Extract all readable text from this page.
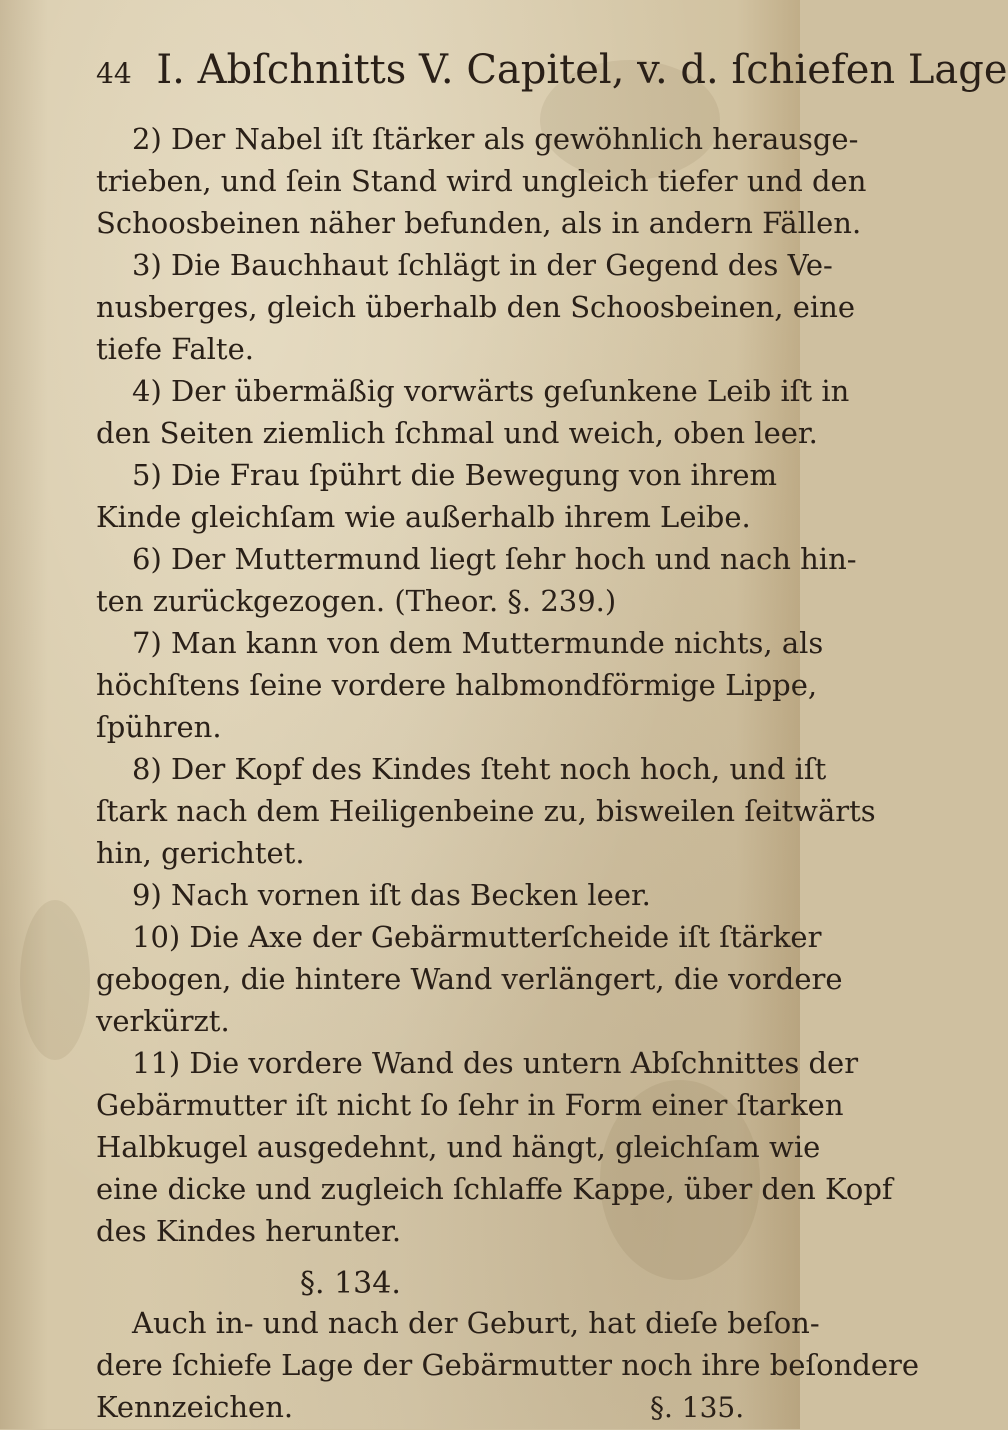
44 I. Abſchnitts V. Capitel, v. d. ſchiefen Lage
2) Der Nabel iſt ſtärker als gewöhnlich herausge-
trieben, und ſein Stand wird ungleich tiefer und den
Schoosbeinen näher befunden, als in andern Fällen.
3) Die Bauchhaut ſchlägt in der Gegend des Ve-
nusberges, gleich überhalb den Schoosbeinen, eine
tiefe Falte.
4) Der übermäßig vorwärts geſunkene Leib iſt in
den Seiten ziemlich ſchmal und weich, oben leer.
5) Die Frau ſpührt die Bewegung von ihrem
Kinde gleichſam wie außerhalb ihrem Leibe.
6) Der Muttermund liegt ſehr hoch und nach hin-
ten zurückgezogen. (Theor. §. 239.)
7) Man kann von dem Muttermunde nichts, als
höchſtens ſeine vordere halbmondförmige Lippe,
ſpühren.
8) Der Kopf des Kindes ſteht noch hoch, und iſt
ſtark nach dem Heiligenbeine zu, bisweilen ſeitwärts
hin, gerichtet.
9) Nach vornen iſt das Becken leer.
10) Die Axe der Gebärmutterſcheide iſt ſtärker
gebogen, die hintere Wand verlängert, die vordere
verkürzt.
11) Die vordere Wand des untern Abſchnittes der
Gebärmutter iſt nicht ſo ſehr in Form einer ſtarken
Halbkugel ausgedehnt, und hängt, gleichſam wie
eine dicke und zugleich ſchlaffe Kappe, über den Kopf
des Kindes herunter.
§. 134.
Auch in- und nach der Geburt, hat dieſe beſon-
dere ſchiefe Lage der Gebärmutter noch ihre beſondere
Kennzeichen.	§. 135.
